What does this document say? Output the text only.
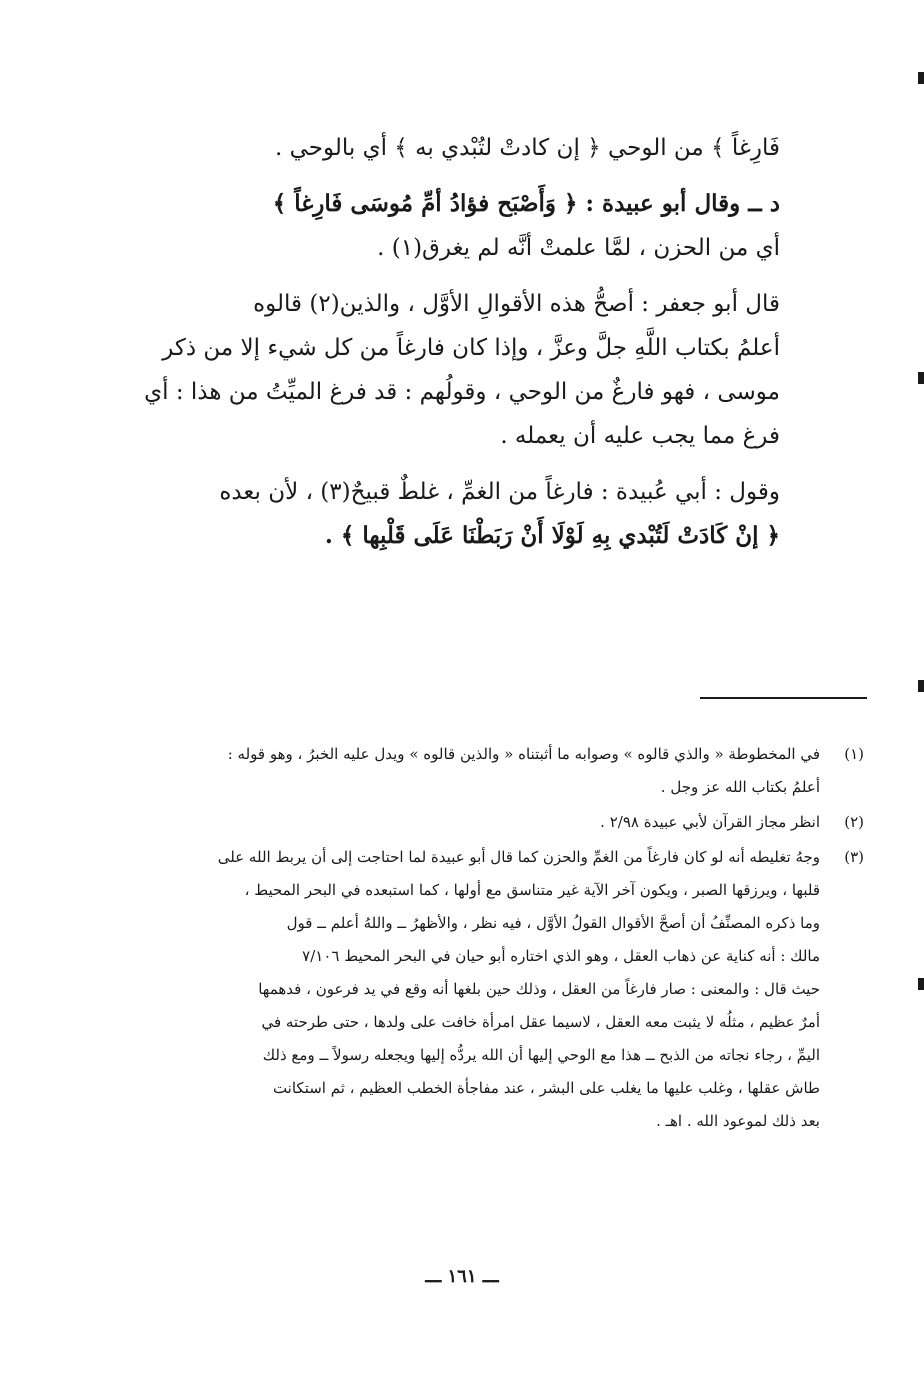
فَارِغاً ﴾ من الوحي ﴿ إن كادتْ لتُبْدي به ﴾ أي بالوحي .

د ــ وقال أبو عبيدة : ﴿ وَأَصْبَح فؤادُ أمِّ مُوسَى فَارِغاً ﴾
أي من الحزن ، لمَّا علمتْ أنَّه لم يغرق(١) .

قال أبو جعفر : أصحُّ هذه الأقوالِ الأوَّل ، والذين(٢) قالوه
أعلمُ بكتاب اللَّهِ جلَّ وعزَّ ، وإذا كان فارغاً من كل شيء إلا من ذكر
موسى ، فهو فارغٌ من الوحي ، وقولُهم : قد فرغ الميِّتُ من هذا : أي
فرغ مما يجب عليه أن يعمله .

وقول : أبي عُبيدة : فارغاً من الغمِّ ، غلطٌ قبيحٌ(٣) ، لأن بعده
﴿ إنْ كَادَتْ لَتُبْدي بِهِ لَوْلَا أَنْ رَبَطْنَا عَلَى قَلْبِها ﴾ .

(١)
في المخطوطة « والذي قالوه » وصوابه ما أثبتناه « والذين قالوه » ويدل عليه الخبرُ ، وهو قوله :
أعلمُ بكتاب الله عز وجل .
(٢)
انظر مجاز القرآن لأبي عبيدة ٢/٩٨ .
(٣)
وجهُ تغليطه أنه لو كان فارغاً من الغمِّ والحزن كما قال أبو عبيدة لما احتاجت إلى أن يربط الله على
قلبها ، ويرزقها الصبر ، ويكون آخر الآية غير متناسق مع أولها ، كما استبعده في البحر المحيط ،
وما ذكره المصنِّفُ أن أصحَّ الأقوال القولُ الأوَّل ، فيه نظر ، والأظهرُ ــ واللهُ أعلم ــ قول
مالك : أنه كناية عن ذهاب العقل ، وهو الذي اختاره أبو حيان في البحر المحيط ٧/١٠٦
حيث قال : والمعنى : صار فارغاً من العقل ، وذلك حين بلغها أنه وقع في يد فرعون ، فدهمها
أمرٌ عظيم ، مثلُه لا يثبت معه العقل ، لاسيما عقل امرأة خافت على ولدها ، حتى طرحته في
اليمِّ ، رجاء نجاته من الذبح ــ هذا مع الوحي إليها أن الله يردُّه إليها ويجعله رسولاً ــ ومع ذلك
طاش عقلها ، وغلب عليها ما يغلب على البشر ، عند مفاجأة الخطب العظيم ، ثم استكانت
بعد ذلك لموعود الله . اهـ .
ـــ ١٦١ ـــ
